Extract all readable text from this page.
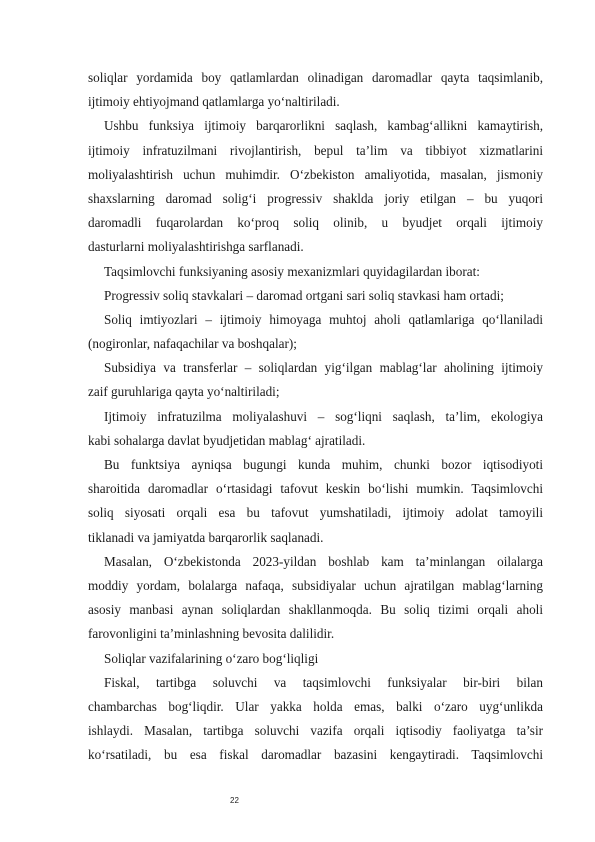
soliqlar yordamida boy qatlamlardan olinadigan daromadlar qayta taqsimlanib,
ijtimoiy ehtiyojmand qatlamlarga yo‘naltiriladi.
Ushbu funksiya ijtimoiy barqarorlikni saqlash, kambag‘allikni kamaytirish,
ijtimoiy infratuzilmani rivojlantirish, bepul ta’lim va tibbiyot xizmatlarini
moliyalashtirish uchun muhimdir. O‘zbekiston amaliyotida, masalan, jismoniy
shaxslarning daromad solig‘i progressiv shaklda joriy etilgan – bu yuqori
daromadli fuqarolardan ko‘proq soliq olinib, u byudjet orqali ijtimoiy
dasturlarni moliyalashtirishga sarflanadi.
Taqsimlovchi funksiyaning asosiy mexanizmlari quyidagilardan iborat:
Progressiv soliq stavkalari – daromad ortgani sari soliq stavkasi ham ortadi;
Soliq imtiyozlari – ijtimoiy himoyaga muhtoj aholi qatlamlariga qo‘llaniladi
(nogironlar, nafaqachilar va boshqalar);
Subsidiya va transferlar – soliqlardan yig‘ilgan mablag‘lar aholining ijtimoiy
zaif guruhlariga qayta yo‘naltiriladi;
Ijtimoiy infratuzilma moliyalashuvi – sog‘liqni saqlash, ta’lim, ekologiya
kabi sohalarga davlat byudjetidan mablag‘ ajratiladi.
Bu funktsiya ayniqsa bugungi kunda muhim, chunki bozor iqtisodiyoti
sharoitida daromadlar o‘rtasidagi tafovut keskin bo‘lishi mumkin. Taqsimlovchi
soliq siyosati orqali esa bu tafovut yumshatiladi, ijtimoiy adolat tamoyili
tiklanadi va jamiyatda barqarorlik saqlanadi.
Masalan, O‘zbekistonda 2023-yildan boshlab kam ta’minlangan oilalarga
moddiy yordam, bolalarga nafaqa, subsidiyalar uchun ajratilgan mablag‘larning
asosiy manbasi aynan soliqlardan shakllanmoqda. Bu soliq tizimi orqali aholi
farovonligini ta’minlashning bevosita dalilidir.
Soliqlar vazifalarining o‘zaro bog‘liqligi
Fiskal, tartibga soluvchi va taqsimlovchi funksiyalar bir-biri bilan
chambarchas bog‘liqdir. Ular yakka holda emas, balki o‘zaro uyg‘unlikda
ishlaydi. Masalan, tartibga soluvchi vazifa orqali iqtisodiy faoliyatga ta’sir
ko‘rsatiladi, bu esa fiskal daromadlar bazasini kengaytiradi. Taqsimlovchi
22
